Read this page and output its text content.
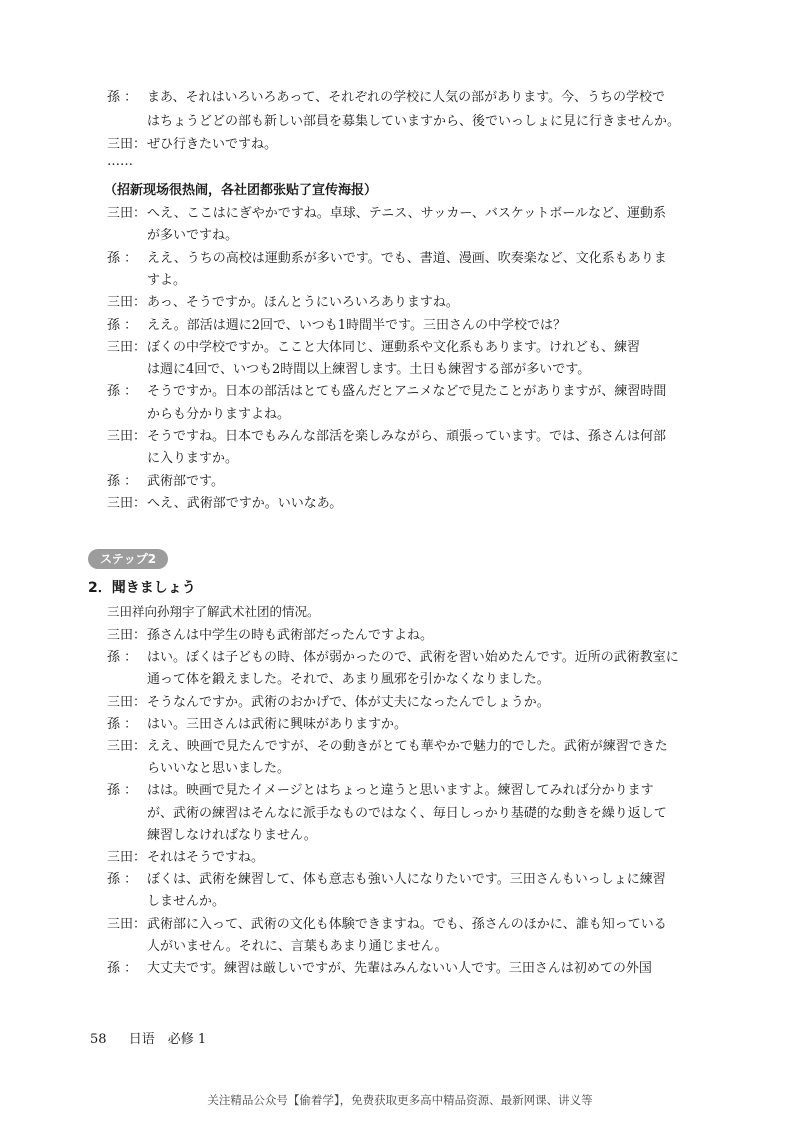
孫 ： まあ、それはいろいろあって、それぞれの学校に人気の部があります。今、うちの学校で
はちょうどどの部も新しい部員を募集していますから、後でいっしょに見に行きませんか。
三田： ぜひ行きたいですね。
……
（招新现场很热闹，各社团都张贴了宣传海报）
三田： へえ、ここはにぎやかですね。卓球、テニス、サッカー、バスケットボールなど、運動系
が多いですね。
孫 ： ええ、うちの高校は運動系が多いです。でも、書道、漫画、吹奏楽など、文化系もありま
すよ。
三田： あっ、そうですか。ほんとうにいろいろありますね。
孫 ： ええ。部活は週に2回で、いつも1時間半です。三田さんの中学校では？
三田： ぼくの中学校ですか。ここと大体同じ、運動系や文化系もあります。けれども、練習
は週に4回で、いつも2時間以上練習します。土日も練習する部が多いです。
孫 ： そうですか。日本の部活はとても盛んだとアニメなどで見たことがありますが、練習時間
からも分かりますよね。
三田： そうですね。日本でもみんな部活を楽しみながら、頑張っています。では、孫さんは何部
に入りますか。
孫 ： 武術部です。
三田： へえ、武術部ですか。いいなあ。
ステップ2
2．聞きましょう
三田祥向孙翔宇了解武术社团的情况。
三田： 孫さんは中学生の時も武術部だったんですよね。
孫 ： はい。ぼくは子どもの時、体が弱かったので、武術を習い始めたんです。近所の武術教室に
通って体を鍛えました。それで、あまり風邪を引かなくなりました。
三田： そうなんですか。武術のおかげで、体が丈夫になったんでしょうか。
孫 ： はい。三田さんは武術に興味がありますか。
三田： ええ、映画で見たんですが、その動きがとても華やかで魅力的でした。武術が練習できた
らいいなと思いました。
孫 ： はは。映画で見たイメージとはちょっと違うと思いますよ。練習してみれば分かります
が、武術の練習はそんなに派手なものではなく、毎日しっかり基礎的な動きを繰り返して
練習しなければなりません。
三田： それはそうですね。
孫 ： ぼくは、武術を練習して、体も意志も強い人になりたいです。三田さんもいっしょに練習
しませんか。
三田： 武術部に入って、武術の文化も体験できますね。でも、孫さんのほかに、誰も知っている
人がいません。それに、言葉もあまり通じません。
孫 ： 大丈夫です。練習は厳しいですが、先輩はみんないい人です。三田さんは初めての外国
58 日语　必修 1
关注精品公众号【偷着学】，免费获取更多高中精品资源、最新网课、讲义等
